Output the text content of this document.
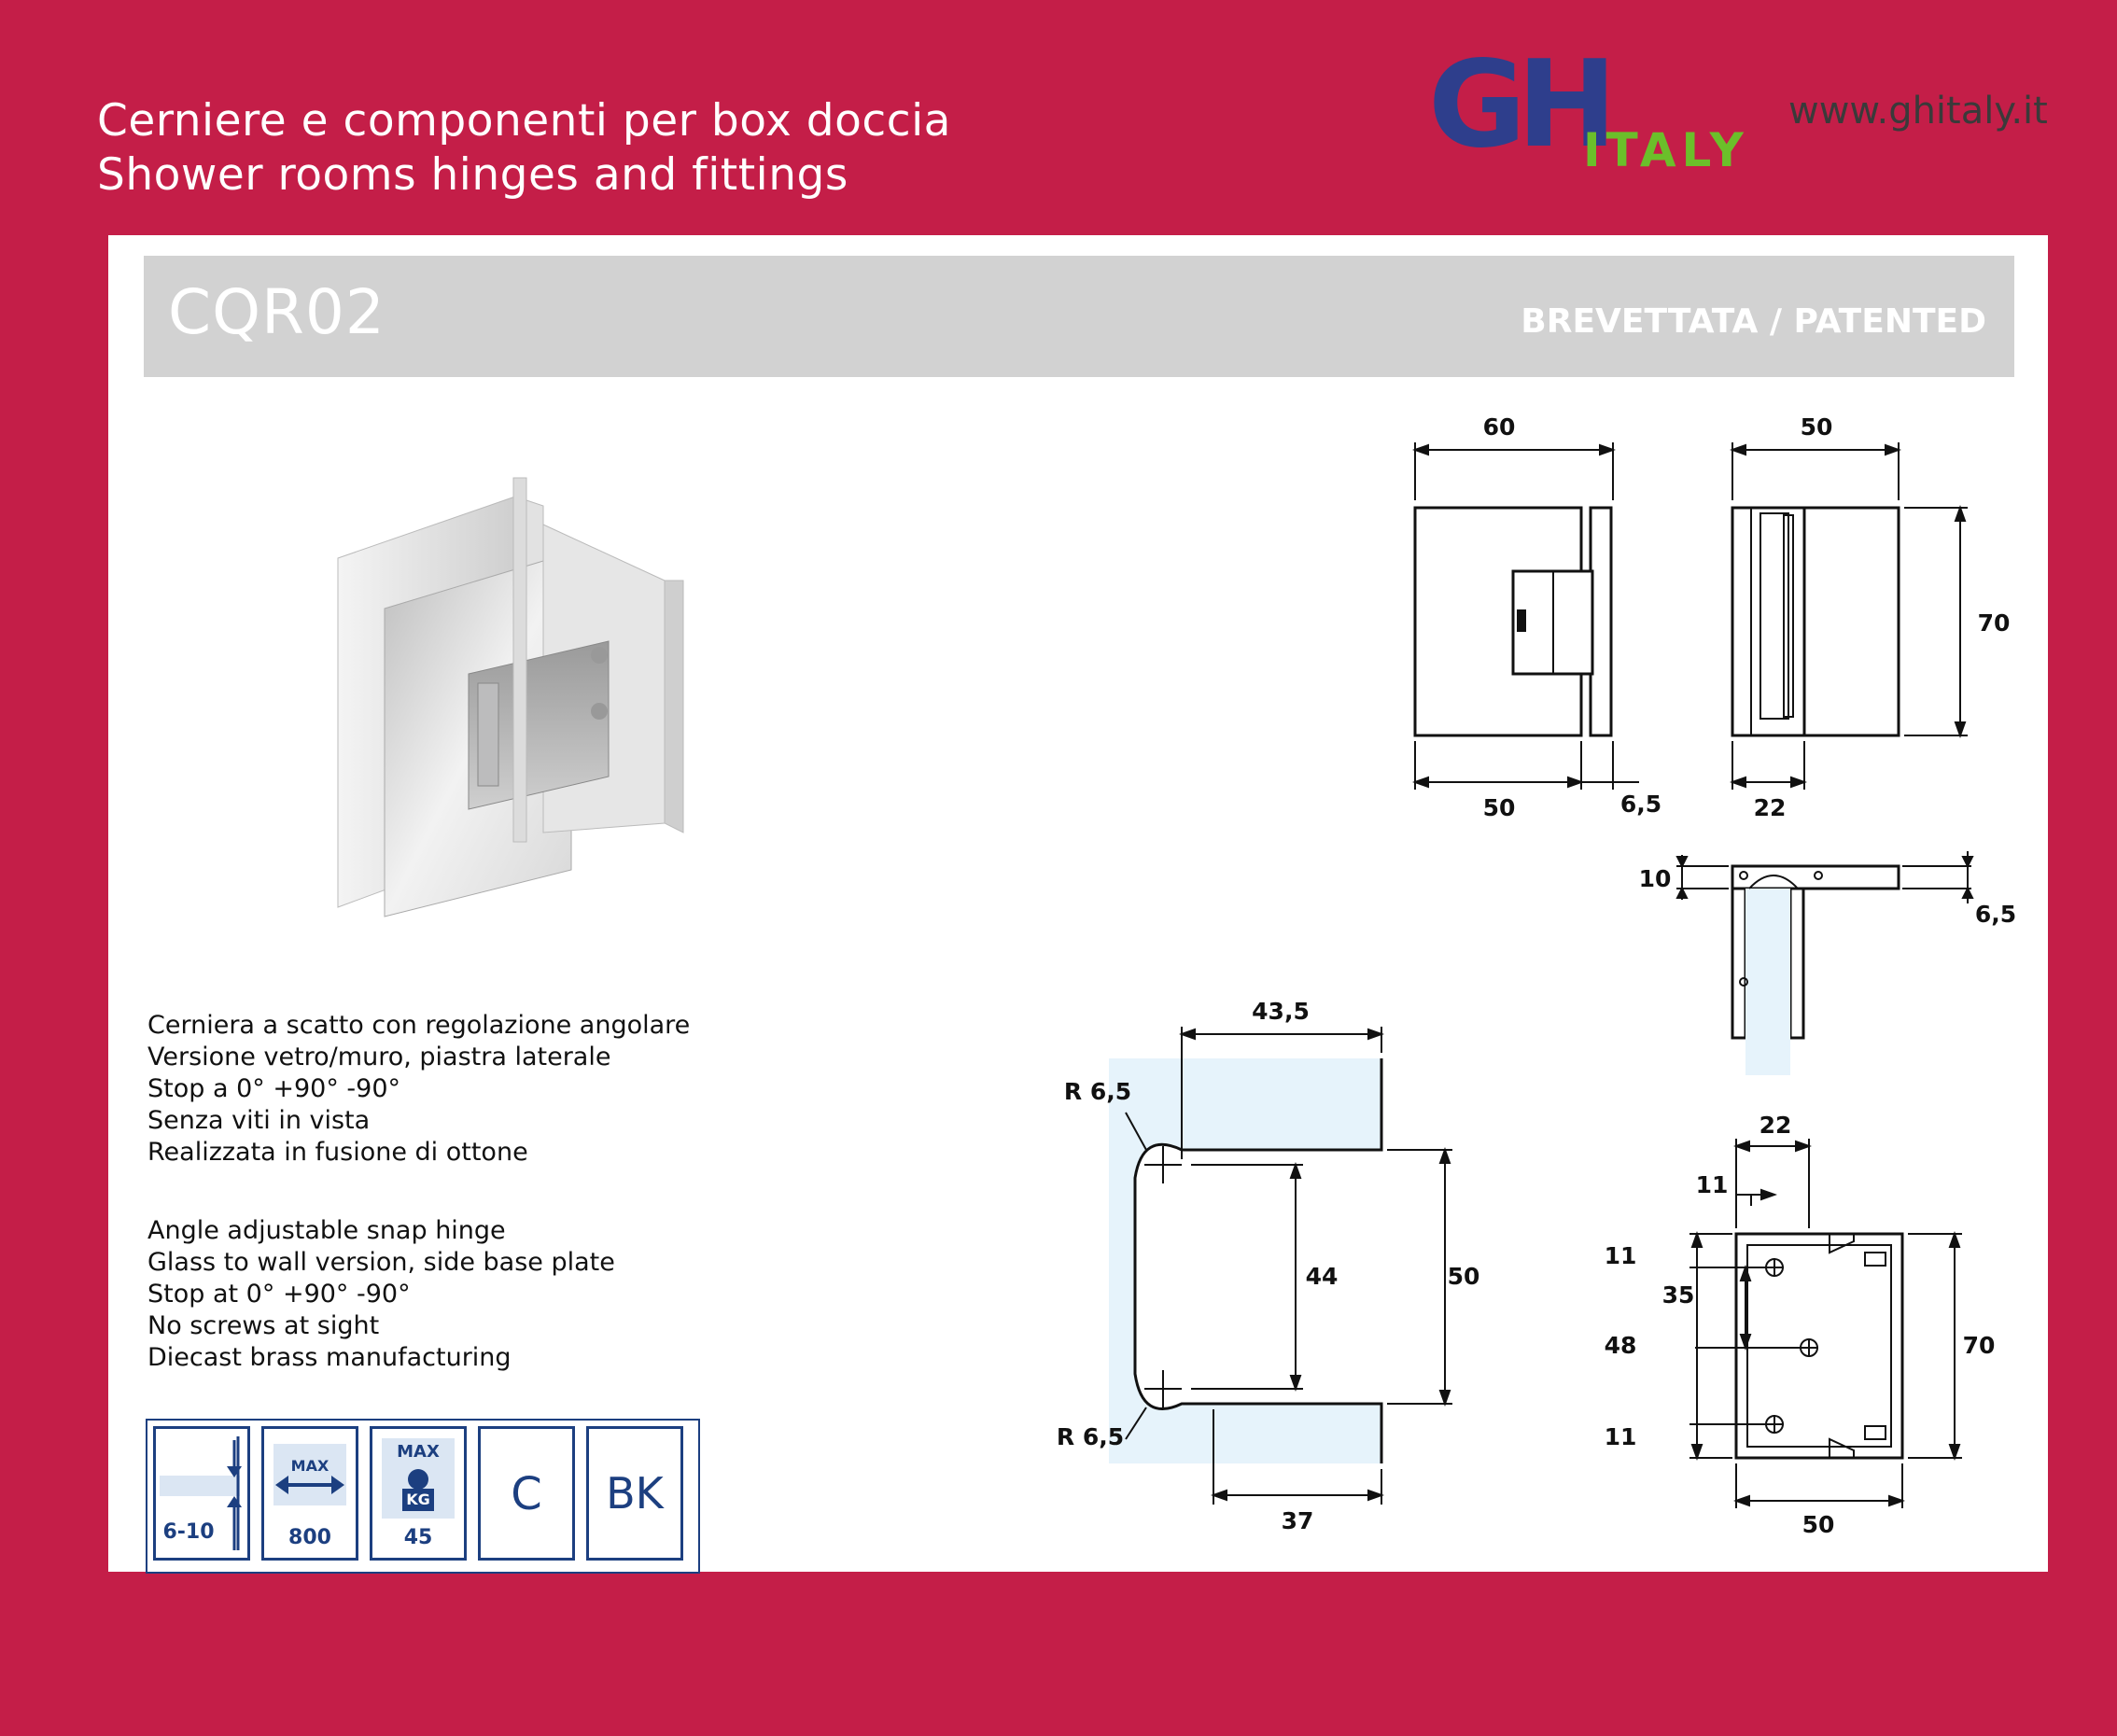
Cerniere e componenti per box doccia
Shower rooms hinges and fittings
GH
ITALY
www.ghitaly.it
CQR02	BREVETTATA / PATENTED
Cerniera a scatto con regolazione angolare
Versione vetro/muro, piastra laterale
Stop a 0° +90° -90°
Senza viti in vista
Realizzata in fusione di ottone
Angle adjustable snap hinge
Glass to wall version, side base plate
Stop at 0° +90° -90°
No screws at sight
Diecast brass manufacturing
60
50	6,5
50
70
22
10
6,5
43,5
R 6,5
R 6,5
44	50
37
22
11
11
35
48
11
70
50
6-10
MAX
800
MAX
KG
45
C	BK
